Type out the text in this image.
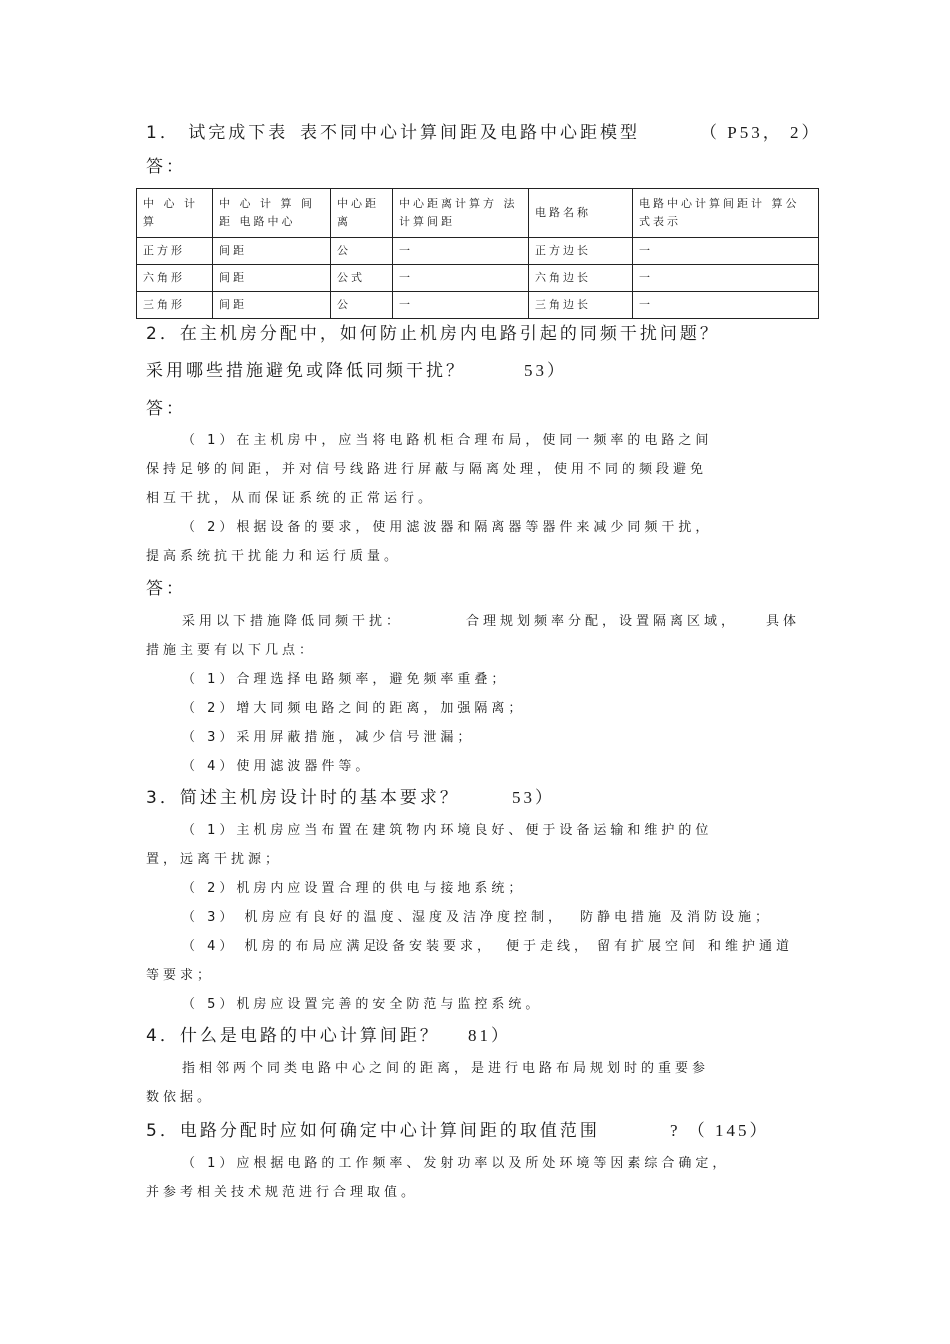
1． 试完成下表 表不同中心计算间距及电路中心距模型	（ P53， 2）
答：
中 心 计 算	中 心 计 算 间 距 电路中心	中心距 离	中心距离计算方 法计算间距	电路名称	电路中心计算间距计 算公式表示
正方形	间距	公	一	正方边长	一
六角形	间距	公式	一	六角边长	一
三角形	间距	公	一	三角边长	一
2．在主机房分配中，如何防止机房内电路引起的同频干扰问题？
采用哪些措施避免或降低同频干扰？	53）
答：
（ 1）在主机房中，应当将电路机柜合理布局，使同一频率的电路之间
保持足够的间距，并对信号线路进行屏蔽与隔离处理，使用不同的频段避免
相互干扰，从而保证系统的正常运行。
（ 2）根据设备的要求，使用滤波器和隔离器等器件来减少同频干扰，
提高系统抗干扰能力和运行质量。
答：
采用以下措施降低同频干扰：	合理规划频率分配，设置隔离区域， 具体
措施主要有以下几点：
（ 1）合理选择电路频率，避免频率重叠；
（ 2）增大同频电路之间的距离，加强隔离；
（ 3）采用屏蔽措施，减少信号泄漏；
（ 4）使用滤波器件等。
3．简述主机房设计时的基本要求？	53）
（ 1）主机房应当布置在建筑物内环境良好、便于设备运输和维护的位
置，远离干扰源；
（ 2）机房内应设置合理的供电与接地系统；
（ 3） 机房应有良好的温度、
湿度及洁净度控制， 防静电措施 及消防设施；
（ 4） 机房的布局应满足
设备安装要求， 便于走线， 留有扩展空间 和维护通道
等要求；
（ 5）机房应设置完善的安全防范与监控系统。
4．什么是电路的中心计算间距？ 81）
指相邻两个同类电路中心之间的距离，是进行电路布局规划时的重要参
数依据。
5．电路分配时应如何确定中心计算间距的取值范围	? （ 145）
（ 1）应根据电路的工作频率、发射功率以及所处环境等因素综合确定，
并参考相关技术规范进行合理取值。
